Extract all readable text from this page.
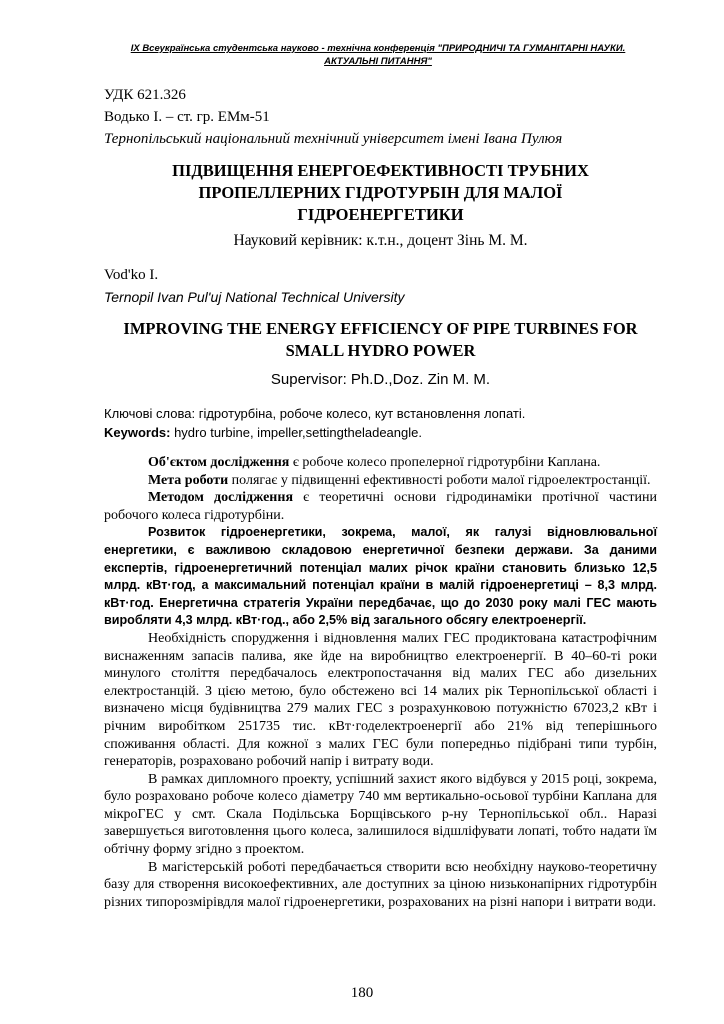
IX Всеукраїнська студентська науково - технічна конференція "ПРИРОДНИЧІ ТА ГУМАНІТАРНІ НАУКИ.
АКТУАЛЬНІ ПИТАННЯ"
УДК 621.326
Водько І. – ст. гр. ЕМм-51
Тернопільський національний технічний університет імені Івана Пулюя
ПІДВИЩЕННЯ ЕНЕРГОЕФЕКТИВНОСТІ ТРУБНИХ
ПРОПЕЛЛЕРНИХ ГІДРОТУРБІН ДЛЯ МАЛОЇ
ГІДРОЕНЕРГЕТИКИ
Науковий керівник: к.т.н., доцент Зінь М. М.
Vod'ko I.
Ternopil Ivan Pul'uj National Technical University
IMPROVING THE ENERGY EFFICIENCY OF PIPE TURBINES FOR
SMALL HYDRO POWER
Supervisor: Ph.D.,Doz. Zin M. M.
Ключові слова: гідротурбіна, робоче колесо, кут встановлення лопаті.
Keywords: hydro turbine, impeller,settingtheladeangle.

Об'єктом дослідження є робоче колесо пропелерної гідротурбіни Каплана.

Мета роботи полягає у підвищенні ефективності роботи малої гідроелектростанції.

Методом дослідження є теоретичні основи гідродинаміки протічної частини робочого колеса гідротурбіни.

Розвиток гідроенергетики, зокрема, малої, як галузі відновлювальної енергетики, є важливою складовою енергетичної безпеки держави. За даними експертів, гідроенергетичний потенціал малих річок країни становить близько 12,5 млрд. кВт·год, а максимальний потенціал країни в малій гідроенергетиці – 8,3 млрд. кВт·год. Енергетична стратегія України передбачає, що до 2030 року малі ГЕС мають виробляти 4,3 млрд. кВт·год., або 2,5% від загального обсягу електроенергії.

Необхідність спорудження і відновлення малих ГЕС продиктована катастрофічним виснаженням запасів палива, яке йде на виробництво електроенергії. В 40–60-ті роки минулого століття передбачалось електропостачання від малих ГЕС або дизельних електростанцій. З цією метою, було обстежено всі 14 малих рік Тернопільської області і визначено місця будівництва 279 малих ГЕС з розрахунковою потужністю 67023,2 кВт і річним виробітком 251735 тис. кВт·годелектроенергії або 21% від теперішнього споживання області. Для кожної з малих ГЕС були попередньо підібрані типи турбін, генераторів, розраховано робочий напір і витрату води.

В рамках дипломного проекту, успішний захист якого відбувся у 2015 році, зокрема, було розраховано робоче колесо діаметру 740 мм вертикально-осьової турбіни Каплана для мікроГЕС у смт. Скала Подільська Борщівського р-ну Тернопільської обл.. Наразі завершується виготовлення цього колеса, залишилося відшліфувати лопаті, тобто надати їм обтічну форму згідно з проектом.

В магістерській роботі передбачається створити всю необхідну науково-теоретичну базу для створення високоефективних, але доступних за ціною низьконапірних гідротурбін різних типорозмірівдля малої гідроенергетики, розрахованих на різні напори і витрати води.

180
